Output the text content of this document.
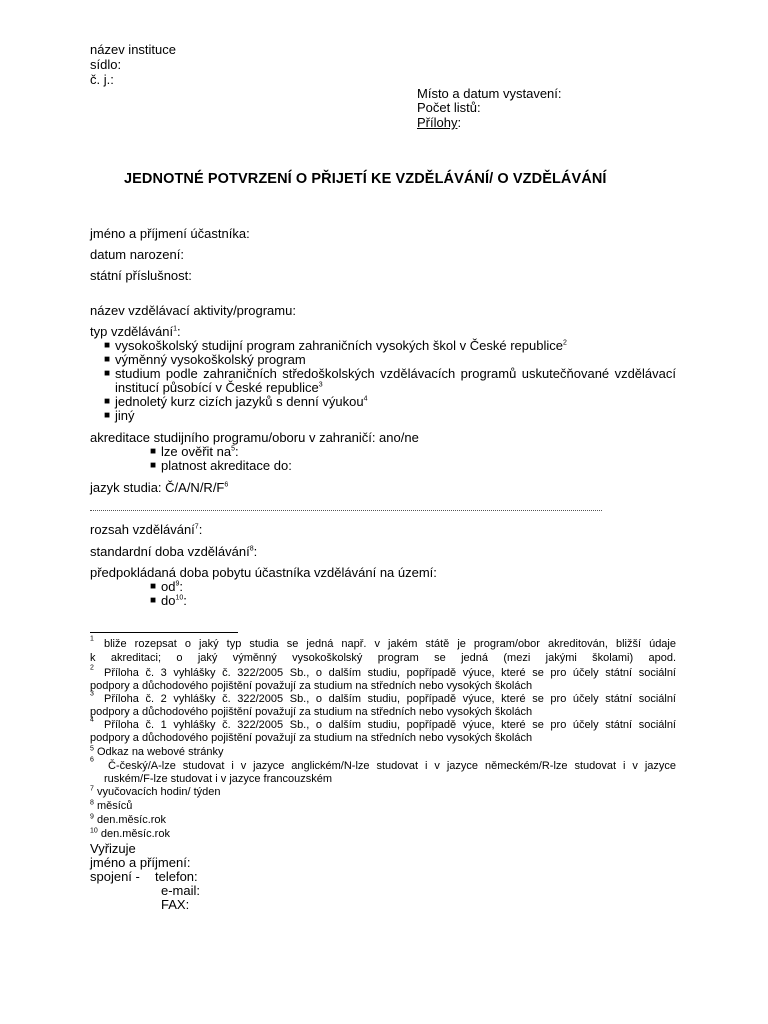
název instituce
sídlo:
č. j.:
Místo a datum vystavení:
Počet listů:
Přílohy:
JEDNOTNÉ POTVRZENÍ O PŘIJETÍ KE VZDĚLÁVÁNÍ/ O VZDĚLÁVÁNÍ
jméno a příjmení účastníka:
datum narození:
státní příslušnost:
název vzdělávací aktivity/programu:
typ vzdělávání$^1$:
■ vysokoškolský studijní program zahraničních vysokých škol v České republice$^2$
■ výměnný vysokoškolský program
■ studium podle zahraničních středoškolských vzdělávacích programů uskutečňované vzdělávací
institucí působící v České republice$^3$
■ jednoletý kurz cizích jazyků s denní výukou$^4$
■ jiný
akreditace studijního programu/oboru v zahraničí: ano/ne
■ lze ověřit $na^5$:
■ platnost akreditace do:
jazyk studia: $Č/A/N/R/F^6$
rozsah vzdělávání$^7$:
standardní doba vzdělávání$^8$:
předpokládaná doba pobytu účastníka vzdělávání na území:
■ $od^9$:
■ $do^{10}$:
$^1$ bliže rozepsat o jaký typ studia se jedná např. v jakém státě je program/obor akreditován, bližší údaje
k akreditaci; o jaký výměnný vysokoškolský program se jedná (mezi jakými školami) apod.
$^2$ Příloha č. 3 vyhlášky č. 322/2005 Sb., o dalším studiu, popřípadě výuce, které se pro účely státní sociální
podpory a důchodového pojištění považují za studium na středních nebo vysokých školách
$^3$ Příloha č. 2 vyhlášky č. 322/2005 Sb., o dalším studiu, popřípadě výuce, které se pro účely státní sociální
podpory a důchodového pojištění považují za studium na středních nebo vysokých školách
$^4$ Příloha č. 1 vyhlášky č. 322/2005 Sb., o dalším studiu, popřípadě výuce, které se pro účely státní sociální
podpory a důchodového pojištění považují za studium na středních nebo vysokých školách
$^5$ Odkaz na webové stránky
$^6$
Č-český/A-lze studovat i v jazyce anglickém/N-lze studovat i v jazyce německém/R-lze studovat i v jazyce
ruském/F-lze studovat i v jazyce francouzském
$^7$ vyučovacích hodin/ týden
$^8$ měsíců
$^9$ den.měsíc.rok
$^{10}$ den.měsíc.rok
Vyřizuje
jméno a příjmení:
spojení - telefon:
e-mail:
FAX:
